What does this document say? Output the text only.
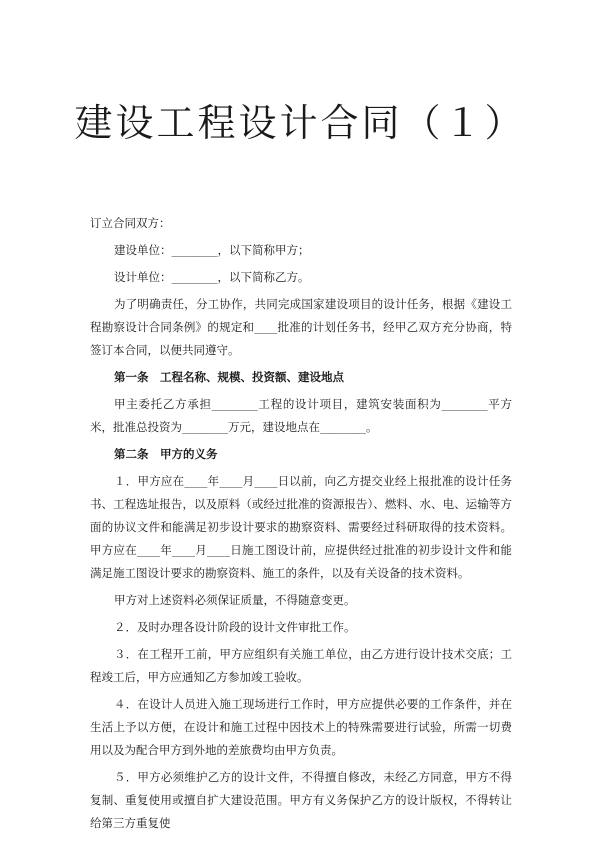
建设工程设计合同（１）

订立合同双方：

建设单位：________，以下简称甲方；

设计单位：________，以下简称乙方。

为了明确责任，分工协作，共同完成国家建设项目的设计任务，根据《建设工程勘察设计合同条例》的规定和____批准的计划任务书，经甲乙双方充分协商，特签订本合同，以便共同遵守。

第一条　工程名称、规模、投资额、建设地点

甲主委托乙方承担________工程的设计项目，建筑安装面积为________平方米，批准总投资为________万元，建设地点在________。

第二条　甲方的义务

１．甲方应在____年____月____日以前，向乙方提交业经上报批准的设计任务书、工程选址报告，以及原料（或经过批准的资源报告）、燃料、水、电、运输等方面的协议文件和能满足初步设计要求的勘察资料、需要经过科研取得的技术资料。甲方应在____年____月____日施工图设计前，应提供经过批准的初步设计文件和能满足施工图设计要求的勘察资料、施工的条件，以及有关设备的技术资料。

甲方对上述资料必须保证质量，不得随意变更。

２．及时办理各设计阶段的设计文件审批工作。

３．在工程开工前，甲方应组织有关施工单位，由乙方进行设计技术交底；工程竣工后，甲方应通知乙方参加竣工验收。

４．在设计人员进入施工现场进行工作时，甲方应提供必要的工作条件，并在生活上予以方便，在设计和施工过程中因技术上的特殊需要进行试验，所需一切费用以及为配合甲方到外地的差旅费均由甲方负责。

５．甲方必须维护乙方的设计文件，不得擅自修改，未经乙方同意，甲方不得复制、重复使用或擅自扩大建设范围。甲方有义务保护乙方的设计版权，不得转让给第三方重复使
